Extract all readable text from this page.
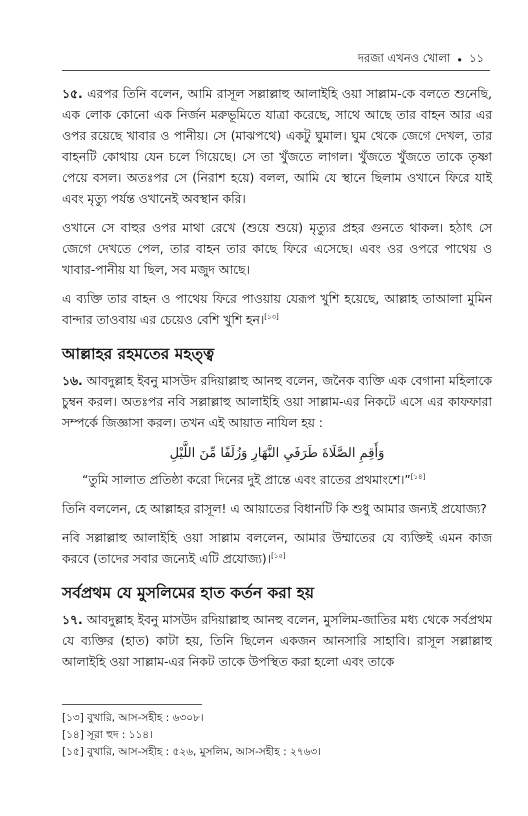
দরজা এখনও খোলা • ১১

১৫. এরপর তিনি বলেন, আমি রাসূল সল্লাল্লাহু আলাইহি ওয়া সাল্লাম-কে বলতে শুনেছি, এক লোক কোনো এক নির্জন মরুভূমিতে যাত্রা করেছে, সাথে আছে তার বাহন আর এর ওপর রয়েছে খাবার ও পানীয়। সে (মাঝপথে) একটু ঘুমাল। ঘুম থেকে জেগে দেখল, তার বাহনটি কোথায় যেন চলে গিয়েছে। সে তা খুঁজতে লাগল। খুঁজতে খুঁজতে তাকে তৃষ্ণা পেয়ে বসল। অতঃপর সে (নিরাশ হয়ে) বলল, আমি যে স্থানে ছিলাম ওখানে ফিরে যাই এবং মৃত্যু পর্যন্ত ওখানেই অবস্থান করি।

ওখানে সে বাহুর ওপর মাথা রেখে (শুয়ে শুয়ে) মৃত্যুর প্রহর গুনতে থাকল। হঠাৎ সে জেগে দেখতে পেল, তার বাহন তার কাছে ফিরে এসেছে। এবং ওর ওপরে পাথেয় ও খাবার-পানীয় যা ছিল, সব মজুদ আছে।

এ ব্যক্তি তার বাহন ও পাথেয় ফিরে পাওয়ায় যেরূপ খুশি হয়েছে, আল্লাহ তাআলা মুমিন বান্দার তাওবায় এর চেয়েও বেশি খুশি হন।[১৩]

আল্লাহর রহমতের মহত্ত্ব

১৬. আবদুল্লাহ ইবনু মাসউদ রদিয়াল্লাহু আনহু বলেন, জনৈক ব্যক্তি এক বেগানা মহিলাকে চুম্বন করল। অতঃপর নবি সল্লাল্লাহু আলাইহি ওয়া সাল্লাম-এর নিকটে এসে এর কাফফারা সম্পর্কে জিজ্ঞাসা করল। তখন এই আয়াত নাযিল হয় :

وَأَقِمِ الصَّلَاةَ طَرَفَيِ النَّهَارِ وَزُلَفًا مِّنَ اللَّيْلِ

“তুমি সালাত প্রতিষ্ঠা করো দিনের দুই প্রান্তে এবং রাতের প্রথমাংশে।”[১৪]

তিনি বললেন, হে আল্লাহর রাসূল! এ আয়াতের বিধানটি কি শুধু আমার জন্যই প্রযোজ্য?

নবি সল্লাল্লাহু আলাইহি ওয়া সাল্লাম বললেন, আমার উম্মাতের যে ব্যক্তিই এমন কাজ করবে (তাদের সবার জন্যেই এটি প্রযোজ্য)।[১৫]

সর্বপ্রথম যে মুসলিমের হাত কর্তন করা হয়

১৭. আবদুল্লাহ ইবনু মাসউদ রদিয়াল্লাহু আনহু বলেন, মুসলিম-জাতির মধ্য থেকে সর্বপ্রথম যে ব্যক্তির (হাত) কাটা হয়, তিনি ছিলেন একজন আনসারি সাহাবি। রাসূল সল্লাল্লাহু আলাইহি ওয়া সাল্লাম-এর নিকট তাকে উপস্থিত করা হলো এবং তাকে

[১৩] বুখারি, আস-সহীহ : ৬৩০৮।
[১৪] সূরা হুদ : ১১৪।
[১৫] বুখারি, আস-সহীহ : ৫২৬, মুসলিম, আস-সহীহ : ২৭৬৩।
